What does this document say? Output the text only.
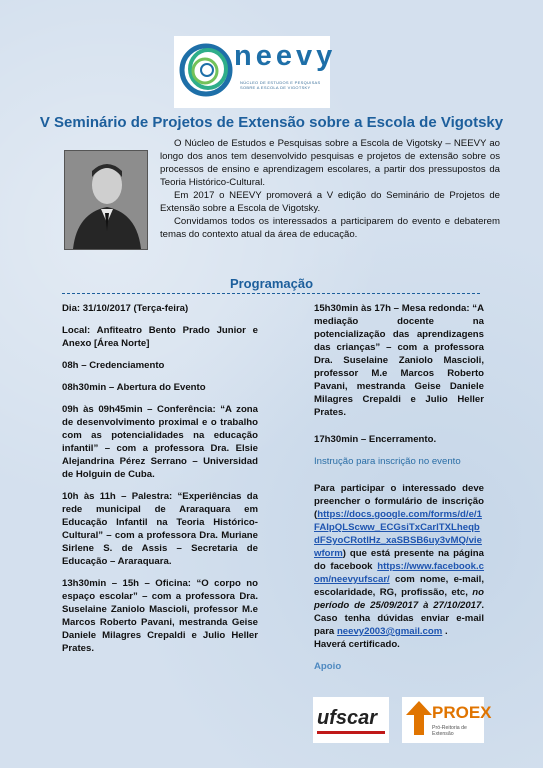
neevy
NÚCLEO DE ESTUDOS E PESQUISAS SOBRE A ESCOLA DE VIGOTSKY
V Seminário de Projetos de Extensão sobre a Escola de Vigotsky

O Núcleo de Estudos e Pesquisas sobre a Escola de Vigotsky – NEEVY ao longo dos anos tem desenvolvido pesquisas e projetos de extensão sobre os processos de ensino e aprendizagem escolares, a partir dos pressupostos da Teoria Histórico-Cultural.

Em 2017 o NEEVY promoverá a V edição do Seminário de Projetos de Extensão sobre a Escola de Vigotsky.

Convidamos todos os interessados a participarem do evento e debaterem temas do contexto atual da área de educação.

Programação

Dia: 31/10/2017 (Terça-feira)

Local: Anfiteatro Bento Prado Junior e Anexo [Área Norte]

08h – Credenciamento

08h30min – Abertura do Evento

09h às 09h45min – Conferência: “A zona de desenvolvimento proximal e o trabalho com as potencialidades na educação infantil” – com a professora Dra. Elsie Alejandrina Pérez Serrano – Universidad de Holguin de Cuba.

10h às 11h – Palestra: “Experiências da rede municipal de Araraquara em Educação Infantil na Teoria Histórico-Cultural” – com a professora Dra. Muriane Sirlene S. de Assis – Secretaria de Educação – Araraquara.

13h30min – 15h – Oficina: “O corpo no espaço escolar” – com a professora Dra. Suselaine Zaniolo Mascioli, professor M.e Marcos Roberto Pavani, mestranda Geise Daniele Milagres Crepaldi e Julio Heller Prates.

15h30min às 17h – Mesa redonda: “A mediação docente na potencialização das aprendizagens das crianças” – com a professora Dra. Suselaine Zaniolo Mascioli, professor M.e Marcos Roberto Pavani, mestranda Geise Daniele Milagres Crepaldi e Julio Heller Prates.

17h30min – Encerramento.

Instrução para inscrição no evento

Para participar o interessado deve preencher o formulário de inscrição (https://docs.google.com/forms/d/e/1FAIpQLScww_ECGsiTxCarlTXLheqbdFSyoCRotlHz_xaSBSB6uy3vMQ/viewform) que está presente na página do facebook https://www.facebook.com/neevyufscar/ com nome, e-mail, escolaridade, RG, profissão, etc, no período de 25/09/2017 à 27/10/2017. Caso tenha dúvidas enviar e-mail para neevy2003@gmail.com .
Haverá certificado.

Apoio

ufscar	PROEX
Pró-Reitoria de Extensão
